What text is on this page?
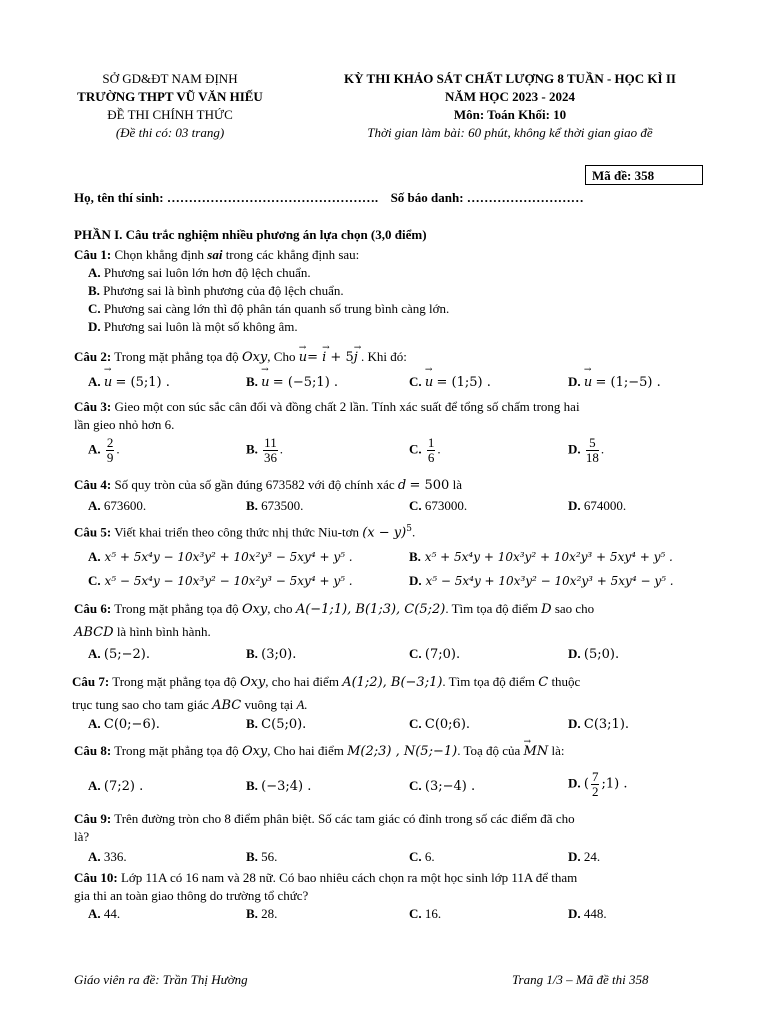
SỞ GD&ĐT NAM ĐỊNH
TRƯỜNG THPT VŨ VĂN HIẾU
ĐỀ THI CHÍNH THỨC
(Đề thi có: 03 trang)
KỲ THI KHẢO SÁT CHẤT LƯỢNG 8 TUẦN - HỌC KÌ II
NĂM HỌC 2023 - 2024
Môn: Toán Khối: 10
Thời gian làm bài: 60 phút, không kể thời gian giao đề
Mã đề: 358
Họ, tên thí sinh: …………………………………………. Số báo danh: ………………………
PHẦN I. Câu trắc nghiệm nhiều phương án lựa chọn (3,0 điểm)
Câu 1: Chọn khẳng định sai trong các khẳng định sau:
A. Phương sai luôn lớn hơn độ lệch chuẩn.
B. Phương sai là bình phương của độ lệch chuẩn.
C. Phương sai càng lớn thì độ phân tán quanh số trung bình càng lớn.
D. Phương sai luôn là một số không âm.
Câu 2: Trong mặt phẳng tọa độ Oxy, Cho → u= → i + 5→ j . Khi đó:
A. → u = (5;1) .	B. → u = (−5;1) .	C. → u = (1;5) .	D. → u = (1;−5) .
Câu 3: Gieo một con súc sắc cân đối và đồng chất 2 lần. Tính xác suất để tổng số chấm trong hai
lần gieo nhỏ hơn 6.
A. $\frac{2}{9}$ .	B. $\frac{11}{36}$ .	C. $\frac{1}{6}$ .	D. $\frac{5}{18}$ .
Câu 4: Số quy tròn của số gần đúng 673582 với độ chính xác d = 500 là
A. 673600.	B. 673500.	C. 673000.	D. 674000.
Câu 5: Viết khai triển theo công thức nhị thức Niu-tơn $(x - y)^5$.
A. x⁵ + 5x⁴y − 10x³y² + 10x²y³ − 5xy⁴ + y⁵ .	B. x⁵ + 5x⁴y + 10x³y² + 10x²y³ + 5xy⁴ + y⁵ .
C. x⁵ − 5x⁴y − 10x³y² − 10x²y³ − 5xy⁴ + y⁵ .	D. x⁵ − 5x⁴y + 10x³y² − 10x²y³ + 5xy⁴ − y⁵ .
Câu 6: Trong mặt phẳng tọa độ Oxy, cho A(−1;1), B(1;3), C(5;2). Tìm tọa độ điểm D sao cho
ABCD là hình bình hành.
A. (5;−2).	B. (3;0).	C. (7;0).	D. (5;0).
Câu 7: Trong mặt phẳng tọa độ Oxy, cho hai điểm A(1;2), B(−3;1). Tìm tọa độ điểm C thuộc
trục tung sao cho tam giác ABC vuông tại A.
A. C(0;−6).	B. C(5;0).	C. C(0;6).	D. C(3;1).
Câu 8: Trong mặt phẳng tọa độ Oxy, Cho hai điểm M(2;3) , N(5;−1). Toạ độ của → MN là:
A. (7;2) .	B. (−3;4) .	C. (3;−4) .	D. ( $\frac{7}{2}$ ;1) .
Câu 9: Trên đường tròn cho 8 điểm phân biệt. Số các tam giác có đỉnh trong số các điểm đã cho
là?
A. 336.	B. 56.	C. 6.	D. 24.
Câu 10: Lớp 11A có 16 nam và 28 nữ. Có bao nhiêu cách chọn ra một học sinh lớp 11A để tham
gia thi an toàn giao thông do trường tổ chức?
A. 44.	B. 28.	C. 16.	D. 448.
Giáo viên ra đề: Trần Thị Hường	Trang 1/3 – Mã đề thi 358
